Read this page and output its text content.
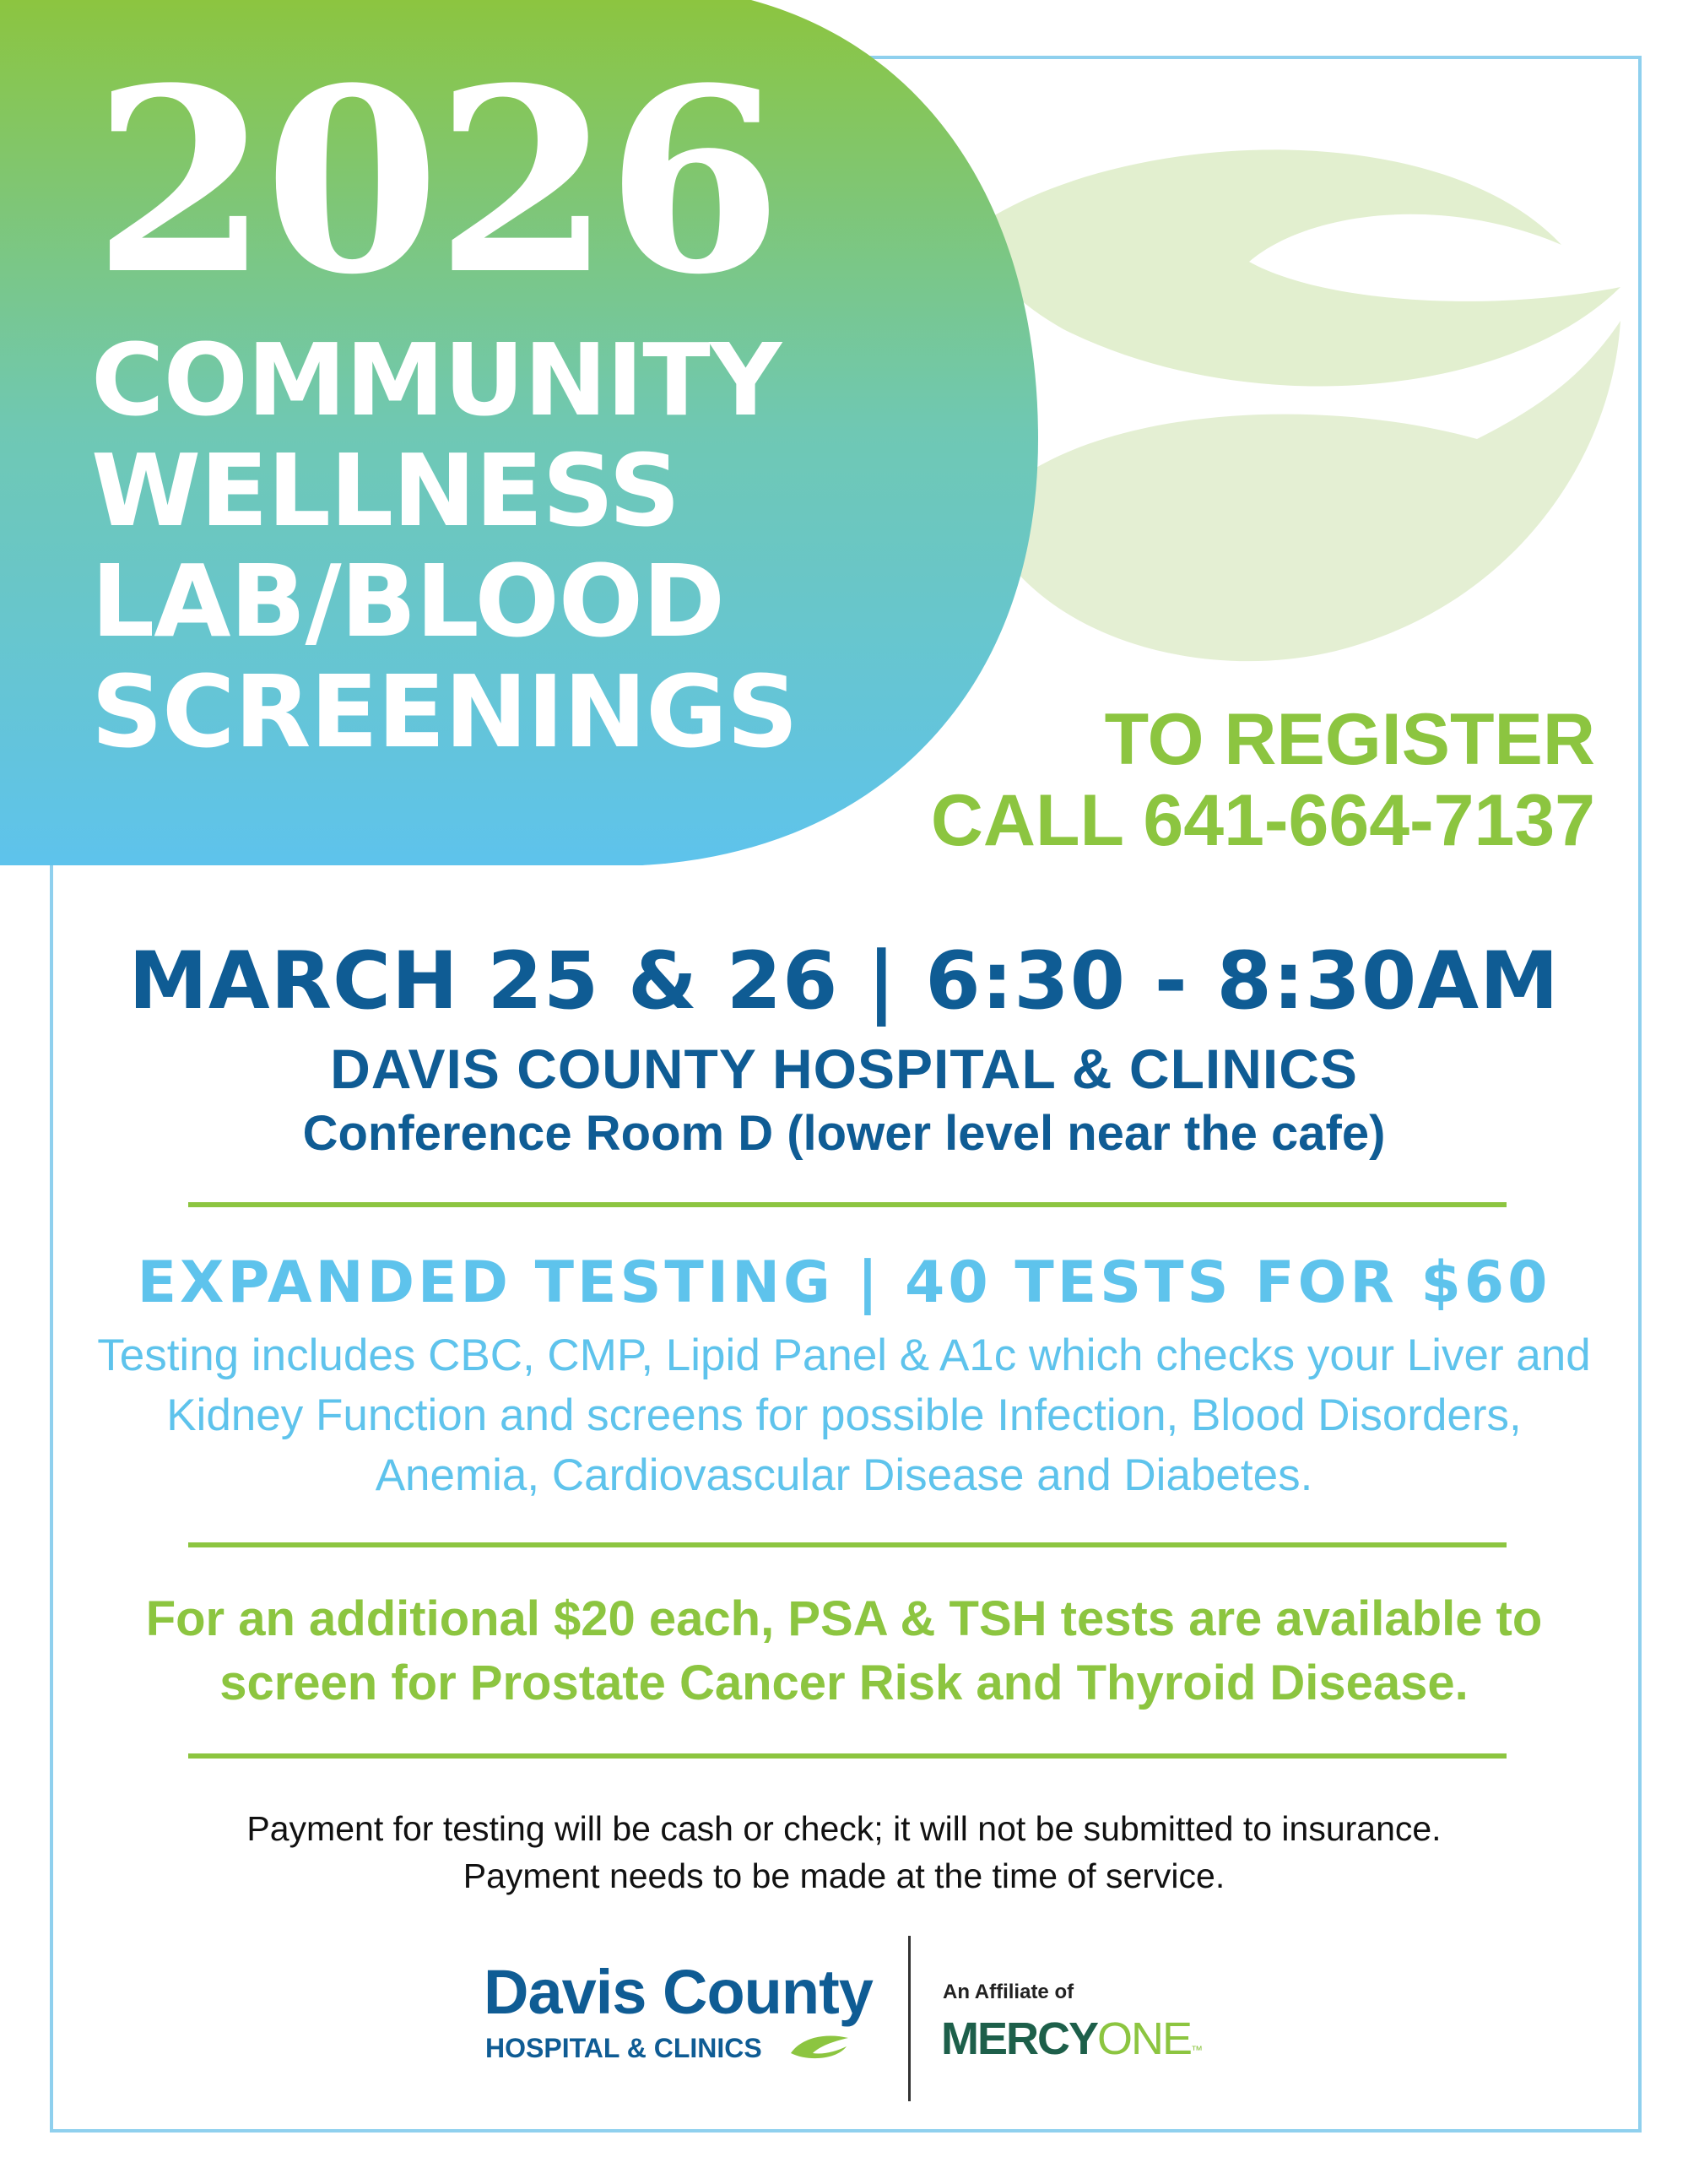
2026
COMMUNITY
WELLNESS
LAB/BLOOD
SCREENINGS	TO REGISTER
CALL 641-664-7137
MARCH 25 & 26 | 6:30 - 8:30AM
DAVIS COUNTY HOSPITAL & CLINICS
Conference Room D (lower level near the cafe)
EXPANDED TESTING | 40 TESTS FOR $60
Testing includes CBC, CMP, Lipid Panel & A1c which checks your Liver and Kidney Function and screens for possible Infection, Blood Disorders, Anemia, Cardiovascular Disease and Diabetes.
For an additional $20 each, PSA & TSH tests are available to screen for Prostate Cancer Risk and Thyroid Disease.
Payment for testing will be cash or check; it will not be submitted to insurance.
Payment needs to be made at the time of service.
Davis County
HOSPITAL & CLINICS
An Affiliate of
MERCYONE™
